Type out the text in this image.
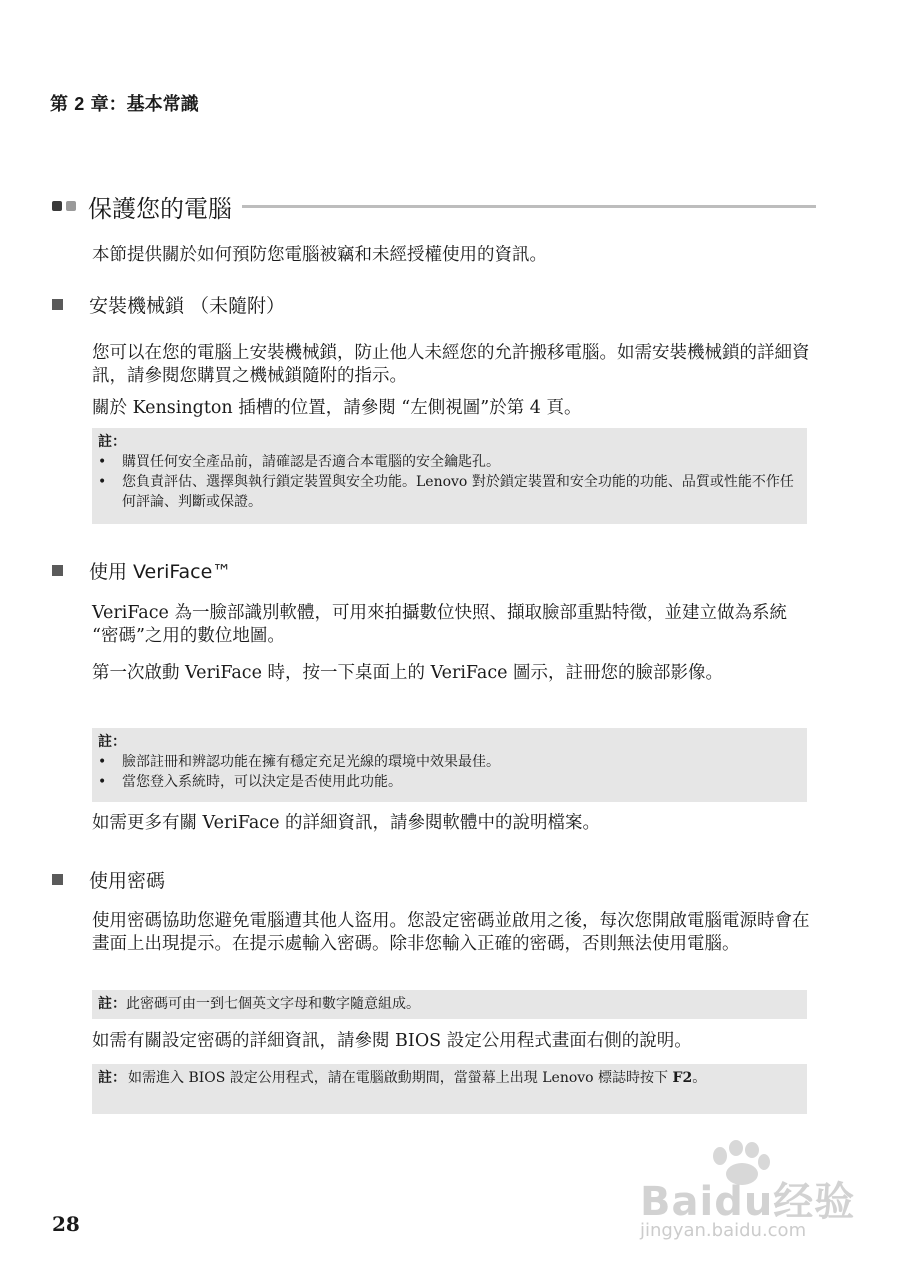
第 2 章：基本常識
保護您的電腦
本節提供關於如何預防您電腦被竊和未經授權使用的資訊。
安裝機械鎖 （未隨附）
您可以在您的電腦上安裝機械鎖，防止他人未經您的允許搬移電腦。如需安裝機械鎖的詳細資訊，請參閱您購買之機械鎖隨附的指示。
關於 Kensington 插槽的位置，請參閱 “左側視圖”於第 4 頁。
註：
•	購買任何安全產品前，請確認是否適合本電腦的安全鑰匙孔。
•	您負責評估、選擇與執行鎖定裝置與安全功能。Lenovo 對於鎖定裝置和安全功能的功能、品質或性能不作任何評論、判斷或保證。
使用 VeriFace™
VeriFace 為一臉部識別軟體，可用來拍攝數位快照、擷取臉部重點特徵，並建立做為系統 “密碼”之用的數位地圖。
第一次啟動 VeriFace 時，按一下桌面上的 VeriFace 圖示，註冊您的臉部影像。
註：
•	臉部註冊和辨認功能在擁有穩定充足光線的環境中效果最佳。
•	當您登入系統時，可以決定是否使用此功能。
如需更多有關 VeriFace 的詳細資訊，請參閱軟體中的說明檔案。
使用密碼
使用密碼協助您避免電腦遭其他人盜用。您設定密碼並啟用之後，每次您開啟電腦電源時會在畫面上出現提示。在提示處輸入密碼。除非您輸入正確的密碼，否則無法使用電腦。
註：此密碼可由一到七個英文字母和數字隨意組成。
如需有關設定密碼的詳細資訊，請參閱 BIOS 設定公用程式畫面右側的說明。
註： 如需進入 BIOS 設定公用程式，請在電腦啟動期間，當螢幕上出現 Lenovo 標誌時按下 F2。
28	Baidu经验
jingyan.baidu.com
